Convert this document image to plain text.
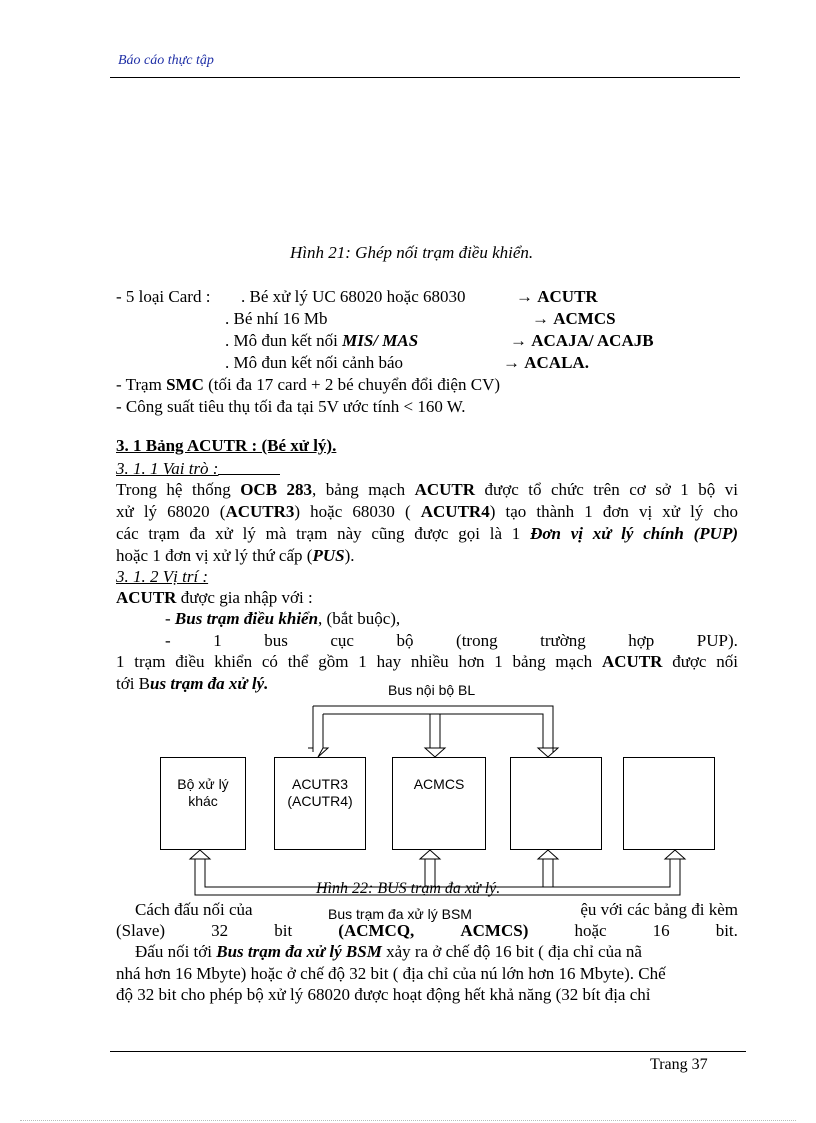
Báo cáo thực tập
Hình 21: Ghép nối trạm điều khiển.
- 5 loại Card : . Bé xử lý UC 68020 hoặc 68030	→ ACUTR
. Bé nhí 16 Mb	→ ACMCS
. Mô đun kết nối MIS/ MAS	→ ACAJA/ ACAJB
. Mô đun kết nối cảnh báo	→ ACALA.
- Trạm SMC (tối đa 17 card + 2 bé chuyển đổi điện CV)
- Công suất tiêu thụ tối đa tại 5V ước tính < 160 W.
3. 1 Bảng ACUTR : (Bé xử lý).
3. 1. 1 Vai trò :
Trong hệ thống OCB 283, bảng mạch ACUTR được tổ chức trên cơ sở 1 bộ vi
xử lý 68020 (ACUTR3) hoặc 68030 ( ACUTR4) tạo thành 1 đơn vị xử lý cho
các trạm đa xử lý mà trạm này cũng được gọi là 1 Đơn vị xử lý chính (PUP)
hoặc 1 đơn vị xử lý thứ cấp (PUS).
3. 1. 2 Vị trí :
ACUTR được gia nhập với :
- Bus trạm điều khiển, (bắt buộc),
-	1	bus	cục	bộ	(trong	trường	hợp	PUP).
1 trạm điều khiển có thể gồm 1 hay nhiều hơn 1 bảng mạch ACUTR được nối
tới Bus trạm đa xử lý.
Bộ xử lý
khác
ACUTR3
(ACUTR4)
ACMCS
Bus nội bộ BL
Hình 22: BUS trạm đa xử lý.
Cách đấu nối của	Bus trạm đa xử lý BSM	ệu với các bảng đi kèm
(Slave)	32	bit	(ACMCQ,	ACMCS)	hoặc	16	bit.
Đấu nối tới Bus trạm đa xử lý BSM xảy ra ở chế độ 16 bit ( địa chỉ của nã
nhá hơn 16 Mbyte) hoặc ở chế độ 32 bit ( địa chỉ của nú lớn hơn 16 Mbyte). Chế
độ 32 bit cho phép bộ xử lý 68020 được hoạt động hết khả năng (32 bít địa chỉ
Trang 37
